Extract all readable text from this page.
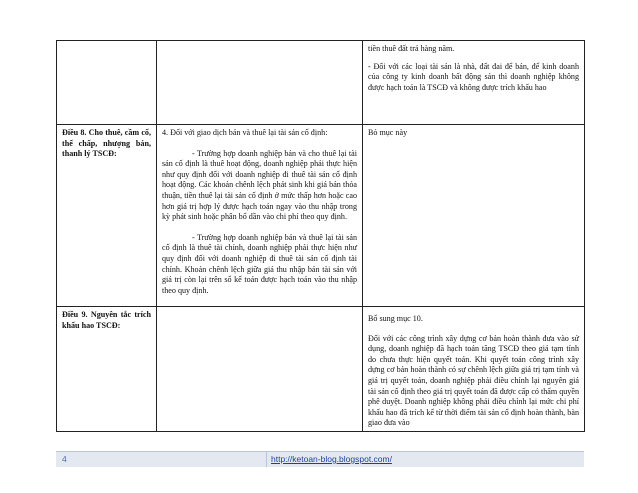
		tiền thuê đất trả hàng năm.

- Đối với các loại tài sản là nhà, đất đai để bán, để kinh doanh của công ty kinh doanh bất động sản thì doanh nghiệp không được hạch toán là TSCĐ và không được trích khấu hao

Điều 8. Cho thuê, cầm cố, thế chấp, nhượng bán, thanh lý TSCĐ:	4. Đối với giao dịch bán và thuê lại tài sản cố định:

- Trường hợp doanh nghiệp bán và cho thuê lại tài sản cố định là thuê hoạt động, doanh nghiệp phải thực hiện như quy định đối với doanh nghiệp đi thuê tài sản cố định hoạt động. Các khoản chênh lệch phát sinh khi giá bán thỏa thuận, tiền thuê lại tài sản cố định ở mức thấp hơn hoặc cao hơn giá trị hợp lý được hạch toán ngay vào thu nhập trong kỳ phát sinh hoặc phân bổ dần vào chi phí theo quy định.

- Trường hợp doanh nghiệp bán và thuê lại tài sản cố định là thuê tài chính, doanh nghiệp phải thực hiện như quy định đối với doanh nghiệp đi thuê tài sản cố định tài chính. Khoản chênh lệch giữa giá thu nhập bán tài sản với giá trị còn lại trên sổ kế toán được hạch toán vào thu nhập theo quy định.	Bỏ mục này

Điều 9. Nguyên tắc trích khấu hao TSCĐ:		Bổ sung mục 10.

Đối với các công trình xây dựng cơ bản hoàn thành đưa vào sử dụng, doanh nghiệp đã hạch toán tăng TSCĐ theo giá tạm tính do chưa thực hiện quyết toán. Khi quyết toán công trình xây dựng cơ bản hoàn thành có sự chênh lệch giữa giá trị tạm tính và giá trị quyết toán, doanh nghiệp phải điều chỉnh lại nguyên giá tài sản cố định theo giá trị quyết toán đã được cấp có thẩm quyền phê duyệt. Doanh nghiệp không phải điều chỉnh lại mức chi phí khấu hao đã trích kể từ thời điểm tài sản cố định hoàn thành, bàn giao đưa vào

4	http://ketoan-blog.blogspot.com/
